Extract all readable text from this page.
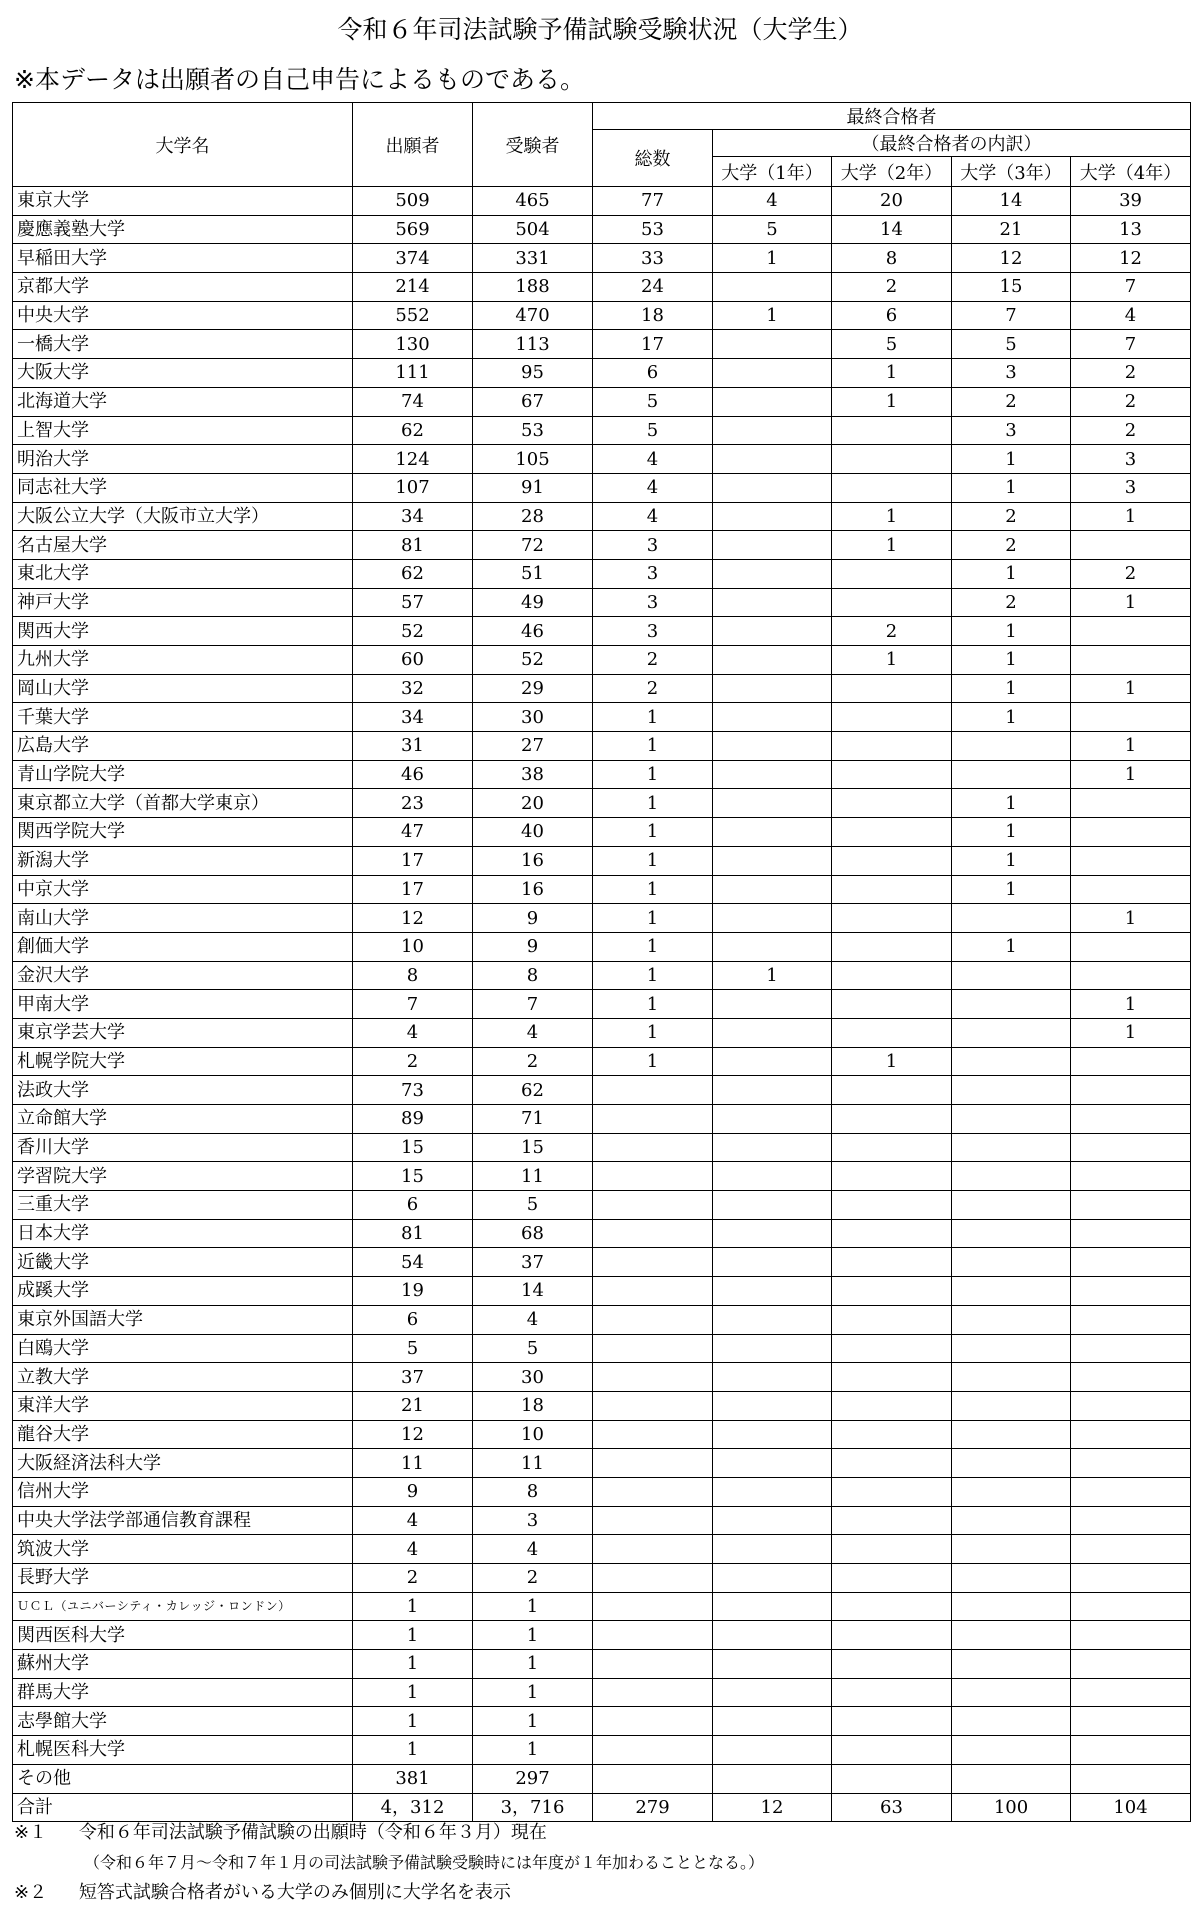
令和６年司法試験予備試験受験状況（大学生）
※本データは出願者の自己申告によるものである。
大学名	出願者	受験者	最終合格者				
			総数	（最終合格者の内訳）			
				大学（1年）	大学（2年）	大学（3年）	大学（4年）
東京大学	509	465	77	4	20	14	39
慶應義塾大学	569	504	53	5	14	21	13
早稲田大学	374	331	33	1	8	12	12
京都大学	214	188	24		2	15	7
中央大学	552	470	18	1	6	7	4
一橋大学	130	113	17		5	5	7
大阪大学	111	95	6		1	3	2
北海道大学	74	67	5		1	2	2
上智大学	62	53	5			3	2
明治大学	124	105	4			1	3
同志社大学	107	91	4			1	3
大阪公立大学（大阪市立大学）	34	28	4		1	2	1
名古屋大学	81	72	3		1	2	
東北大学	62	51	3			1	2
神戸大学	57	49	3			2	1
関西大学	52	46	3		2	1	
九州大学	60	52	2		1	1	
岡山大学	32	29	2			1	1
千葉大学	34	30	1			1	
広島大学	31	27	1				1
青山学院大学	46	38	1				1
東京都立大学（首都大学東京）	23	20	1			1	
関西学院大学	47	40	1			1	
新潟大学	17	16	1			1	
中京大学	17	16	1			1	
南山大学	12	9	1				1
創価大学	10	9	1			1	
金沢大学	8	8	1	1			
甲南大学	7	7	1				1
東京学芸大学	4	4	1				1
札幌学院大学	2	2	1		1		
法政大学	73	62					
立命館大学	89	71					
香川大学	15	15					
学習院大学	15	11					
三重大学	6	5					
日本大学	81	68					
近畿大学	54	37					
成蹊大学	19	14					
東京外国語大学	6	4					
白鴎大学	5	5					
立教大学	37	30					
東洋大学	21	18					
龍谷大学	12	10					
大阪経済法科大学	11	11					
信州大学	9	8					
中央大学法学部通信教育課程	4	3					
筑波大学	4	4					
長野大学	2	2					
ＵＣＬ（ユニバーシティ・カレッジ・ロンドン）	1	1					
関西医科大学	1	1					
蘇州大学	1	1					
群馬大学	1	1					
志學館大学	1	1					
札幌医科大学	1	1					
その他	381	297					
合計	4，312	3，716	279	12	63	100	104
※１ 令和６年司法試験予備試験の出願時（令和６年３月）現在
（令和６年７月～令和７年１月の司法試験予備試験受験時には年度が１年加わることとなる。）
※２ 短答式試験合格者がいる大学のみ個別に大学名を表示
